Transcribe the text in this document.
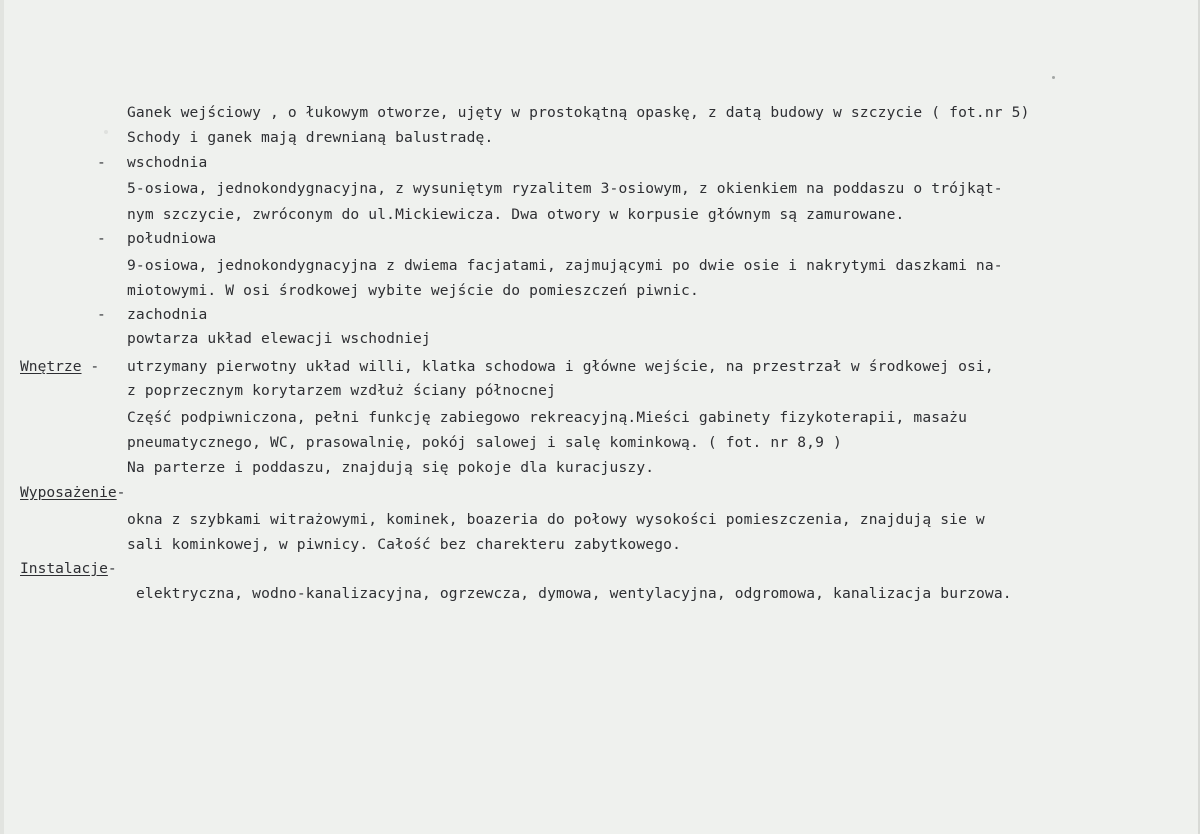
Ganek wejściowy , o łukowym otworze, ujęty w prostokątną opaskę, z datą budowy w szczycie ( fot.nr 5)
Schody i ganek mają drewnianą balustradę.
- wschodnia
5-osiowa, jednokondygnacyjna, z wysuniętym ryzalitem 3-osiowym, z okienkiem na poddaszu o trójkąt-
nym szczycie, zwróconym do ul.Mickiewicza. Dwa otwory w korpusie głównym są zamurowane.
- południowa
9-osiowa, jednokondygnacyjna z dwiema facjatami, zajmującymi po dwie osie i nakrytymi daszkami na-
miotowymi. W osi środkowej wybite wejście do pomieszczeń piwnic.
- zachodnia
powtarza układ elewacji wschodniej
Wnętrze - utrzymany pierwotny układ willi, klatka schodowa i główne wejście, na przestrzał w środkowej osi,
z poprzecznym korytarzem wzdłuż ściany północnej
Część podpiwniczona, pełni funkcję zabiegowo rekreacyjną.Mieści gabinety fizykoterapii, masażu
pneumatycznego, WC, prasowalnię, pokój salowej i salę kominkową. ( fot. nr 8,9 )
Na parterze i poddaszu, znajdują się pokoje dla kuracjuszy.
Wyposażenie-
okna z szybkami witrażowymi, kominek, boazeria do połowy wysokości pomieszczenia, znajdują sie w
sali kominkowej, w piwnicy. Całość bez charekteru zabytkowego.
Instalacje-
elektryczna, wodno-kanalizacyjna, ogrzewcza, dymowa, wentylacyjna, odgromowa, kanalizacja burzowa.
